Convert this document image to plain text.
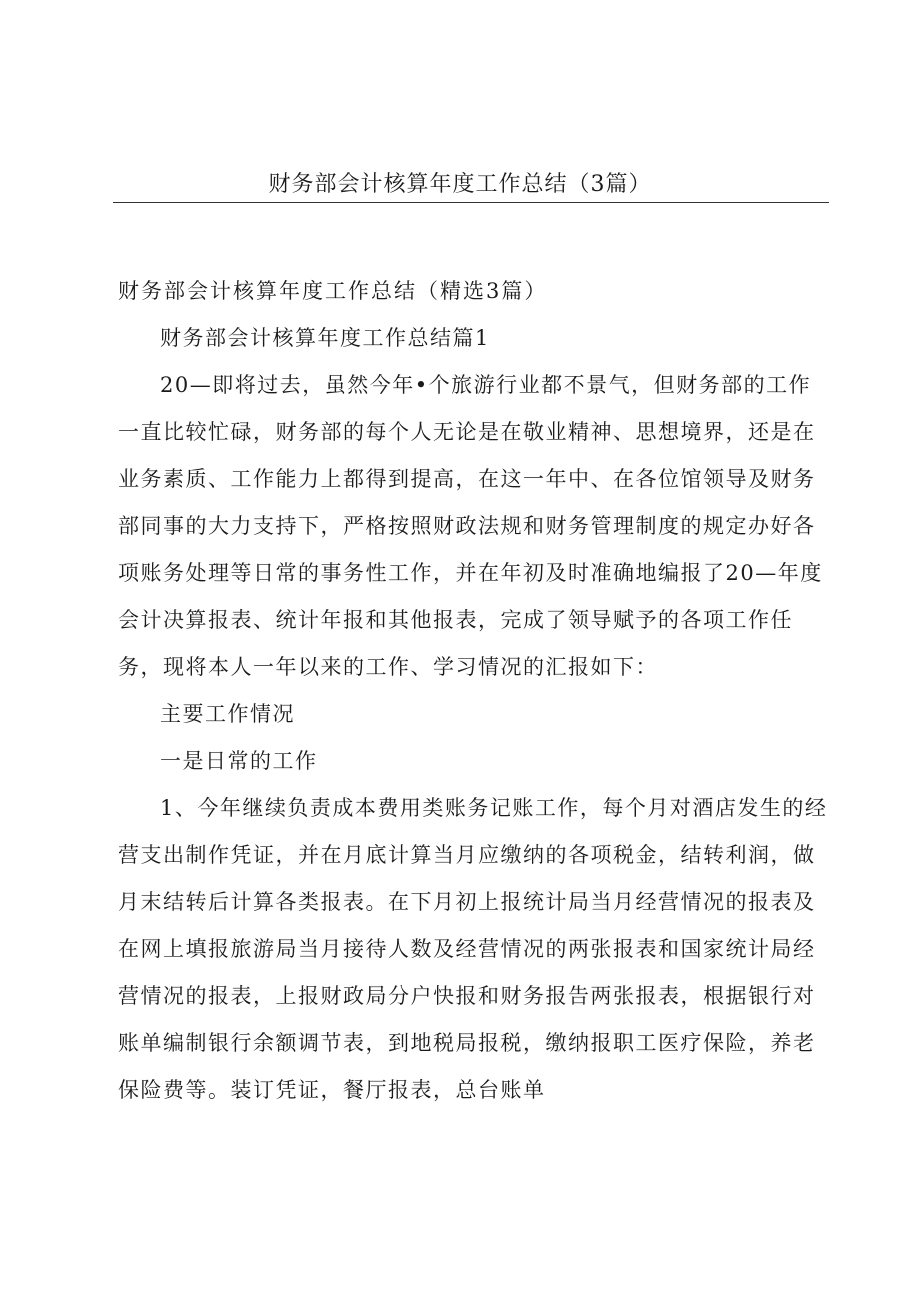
财务部会计核算年度工作总结（3篇）

财务部会计核算年度工作总结（精选3篇）

财务部会计核算年度工作总结篇1

20—即将过去，虽然今年•个旅游行业都不景气，但财务部的工作一直比较忙碌，财务部的每个人无论是在敬业精神、思想境界，还是在业务素质、工作能力上都得到提高，在这一年中、在各位馆领导及财务部同事的大力支持下，严格按照财政法规和财务管理制度的规定办好各项账务处理等日常的事务性工作，并在年初及时准确地编报了20—年度会计决算报表、统计年报和其他报表，完成了领导赋予的各项工作任务，现将本人一年以来的工作、学习情况的汇报如下：

主要工作情况

一是日常的工作

1、今年继续负责成本费用类账务记账工作，每个月对酒店发生的经营支出制作凭证，并在月底计算当月应缴纳的各项税金，结转利润，做月末结转后计算各类报表。在下月初上报统计局当月经营情况的报表及在网上填报旅游局当月接待人数及经营情况的两张报表和国家统计局经营情况的报表，上报财政局分户快报和财务报告两张报表，根据银行对账单编制银行余额调节表，到地税局报税，缴纳报职工医疗保险，养老保险费等。装订凭证，餐厅报表，总台账单
